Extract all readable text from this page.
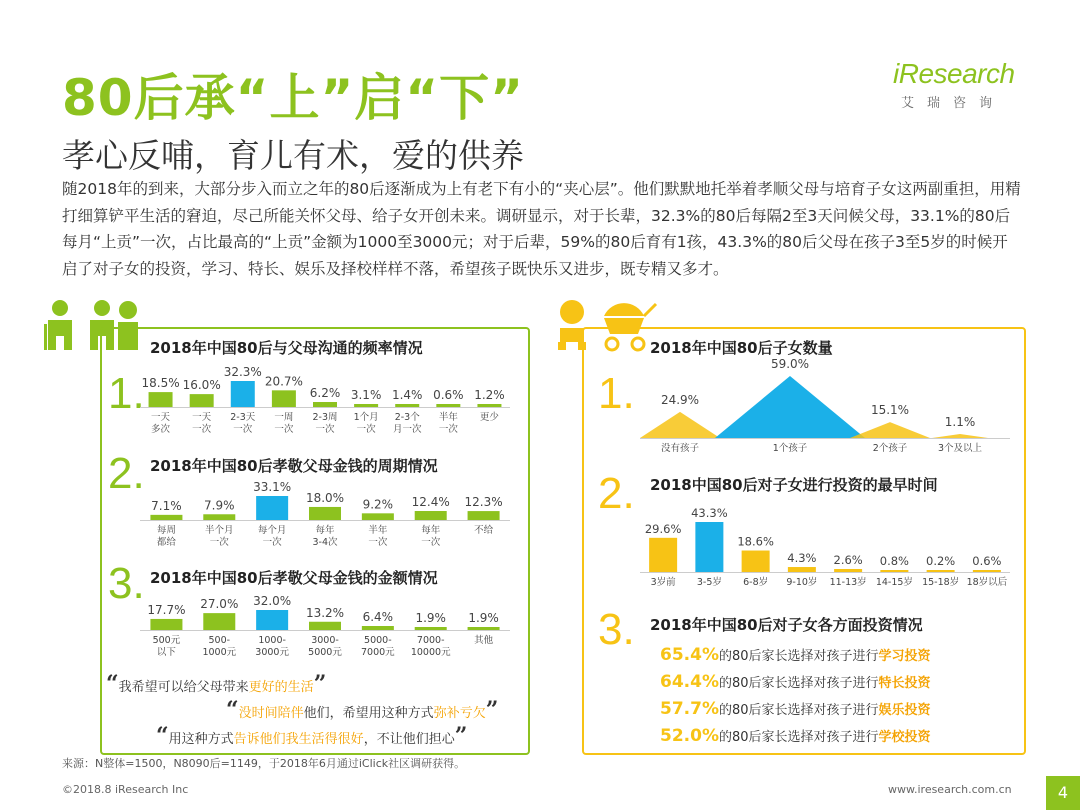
80后承“上”启“下”	iResearch
艾瑞咨询
孝心反哺，育儿有术，爱的供养
随2018年的到来，大部分步入而立之年的80后逐渐成为上有老下有小的“夹心层”。他们默默地托举着孝顺父母与培育子女这两副重担，用精打细算铲平生活的窘迫，尽己所能关怀父母、给子女开创未来。调研显示，对于长辈，32.3%的80后每隔2至3天问候父母，33.1%的80后每月“上贡”一次，占比最高的“上贡”金额为1000至3000元；对于后辈，59%的80后育有1孩，43.3%的80后父母在孩子3至5岁的时候开启了对子女的投资，学习、特长、娱乐及择校样样不落，希望孩子既快乐又进步，既专精又多才。
2018年中国80后与父母沟通的频率情况
1.
18.5%
一天多次
16.0%
一天一次
32.3%
2-3天一次
20.7%
一周一次
6.2%
2-3周一次
3.1%
1个月一次
1.4%
2-3个月一次
0.6%
半年一次
1.2%
更少
2018年中国80后孝敬父母金钱的周期情况
2.
7.1%
每周都给
7.9%
半个月一次
33.1%
每个月一次
18.0%
每年 3-4次
9.2%
半年一次
12.4%
每年一次
12.3%
不给
2018年中国80后孝敬父母金钱的金额情况
3.
17.7%
500元以下
27.0%
500-1000元
32.0%
1000-3000元
13.2%
3000-5000元
6.4%
5000-7000元
1.9%
7000-10000元
1.9%
其他
“我希望可以给父母带来更好的生活”
“没时间陪伴他们，希望用这种方式弥补亏欠”
“用这种方式告诉他们我生活得很好，不让他们担心”
2018年中国80后子女数量
1. 24.9%
没有孩子
59.0%
1个孩子
15.1%
2个孩子
1.1%
3个及以上
2018中国80后对子女进行投资的最早时间
2.
29.6%
3岁前
43.3%
3-5岁
18.6%
6-8岁
4.3%
9-10岁
2.6%
11-13岁
0.8%
14-15岁
0.2%
15-18岁
0.6%
18岁以后
2018年中国80后对子女各方面投资情况
3.
65.4%的80后家长选择对孩子进行学习投资
64.4%的80后家长选择对孩子进行特长投资
57.7%的80后家长选择对孩子进行娱乐投资
52.0%的80后家长选择对孩子进行学校投资
来源：N整体=1500，N8090后=1149，于2018年6月通过iClick社区调研获得。
©2018.8 iResearch Inc	www.iresearch.com.cn	4
